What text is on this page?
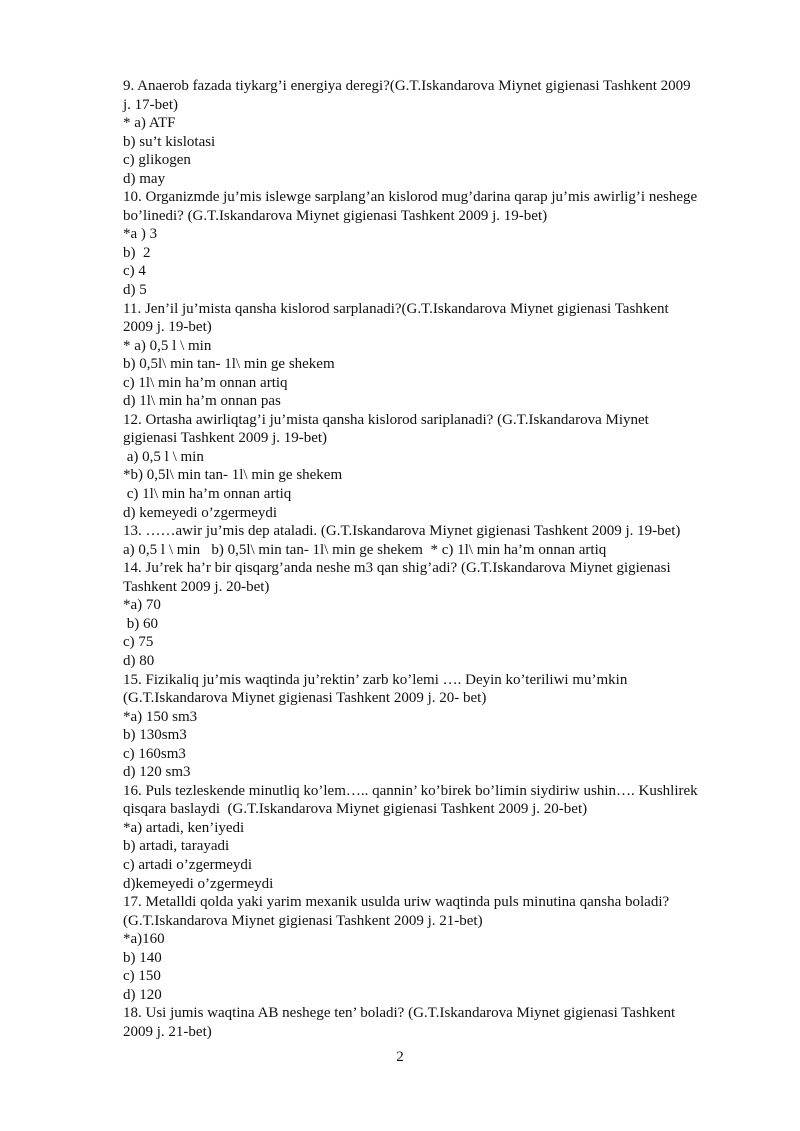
9. Anaerob fazada tiykarg’i energiya deregi?(G.T.Iskandarova Miynet gigienasi Tashkent 2009
j. 17-bet)
* a) ATF
b) su’t kislotasi
c) glikogen
d) may
10. Organizmde ju’mis islewge sarplang’an kislorod mug’darina qarap ju’mis awirlig’i neshege
bo’linedi? (G.T.Iskandarova Miynet gigienasi Tashkent 2009 j. 19-bet)
*a ) 3
b)  2
c) 4
d) 5
11. Jen’il ju’mista qansha kislorod sarplanadi?(G.T.Iskandarova Miynet gigienasi Tashkent
2009 j. 19-bet)
* a) 0,5 l \ min
b) 0,5l\ min tan- 1l\ min ge shekem
c) 1l\ min ha’m onnan artiq
d) 1l\ min ha’m onnan pas
12. Ortasha awirliqtag’i ju’mista qansha kislorod sariplanadi? (G.T.Iskandarova Miynet
gigienasi Tashkent 2009 j. 19-bet)
a) 0,5 l \ min
*b) 0,5l\ min tan- 1l\ min ge shekem
c) 1l\ min ha’m onnan artiq
d) kemeyedi o’zgermeydi
13. ……awir ju’mis dep ataladi. (G.T.Iskandarova Miynet gigienasi Tashkent 2009 j. 19-bet)
a) 0,5 l \ min   b) 0,5l\ min tan- 1l\ min ge shekem  * c) 1l\ min ha’m onnan artiq
14. Ju’rek ha’r bir qisqarg’anda neshe m3 qan shig’adi? (G.T.Iskandarova Miynet gigienasi
Tashkent 2009 j. 20-bet)
*a) 70
b) 60
c) 75
d) 80
15. Fizikaliq ju’mis waqtinda ju’rektin’ zarb ko’lemi …. Deyin ko’teriliwi mu’mkin
(G.T.Iskandarova Miynet gigienasi Tashkent 2009 j. 20- bet)
*a) 150 sm3
b) 130sm3
c) 160sm3
d) 120 sm3
16. Puls tezleskende minutliq ko’lem….. qannin’ ko’birek bo’limin siydiriw ushin…. Kushlirek
qisqara baslaydi  (G.T.Iskandarova Miynet gigienasi Tashkent 2009 j. 20-bet)
*a) artadi, ken’iyedi
b) artadi, tarayadi
c) artadi o’zgermeydi
d)kemeyedi o’zgermeydi
17. Metalldi qolda yaki yarim mexanik usulda uriw waqtinda puls minutina qansha boladi?
(G.T.Iskandarova Miynet gigienasi Tashkent 2009 j. 21-bet)
*a)160
b) 140
c) 150
d) 120
18. Usi jumis waqtina AB neshege ten’ boladi? (G.T.Iskandarova Miynet gigienasi Tashkent
2009 j. 21-bet)
2
